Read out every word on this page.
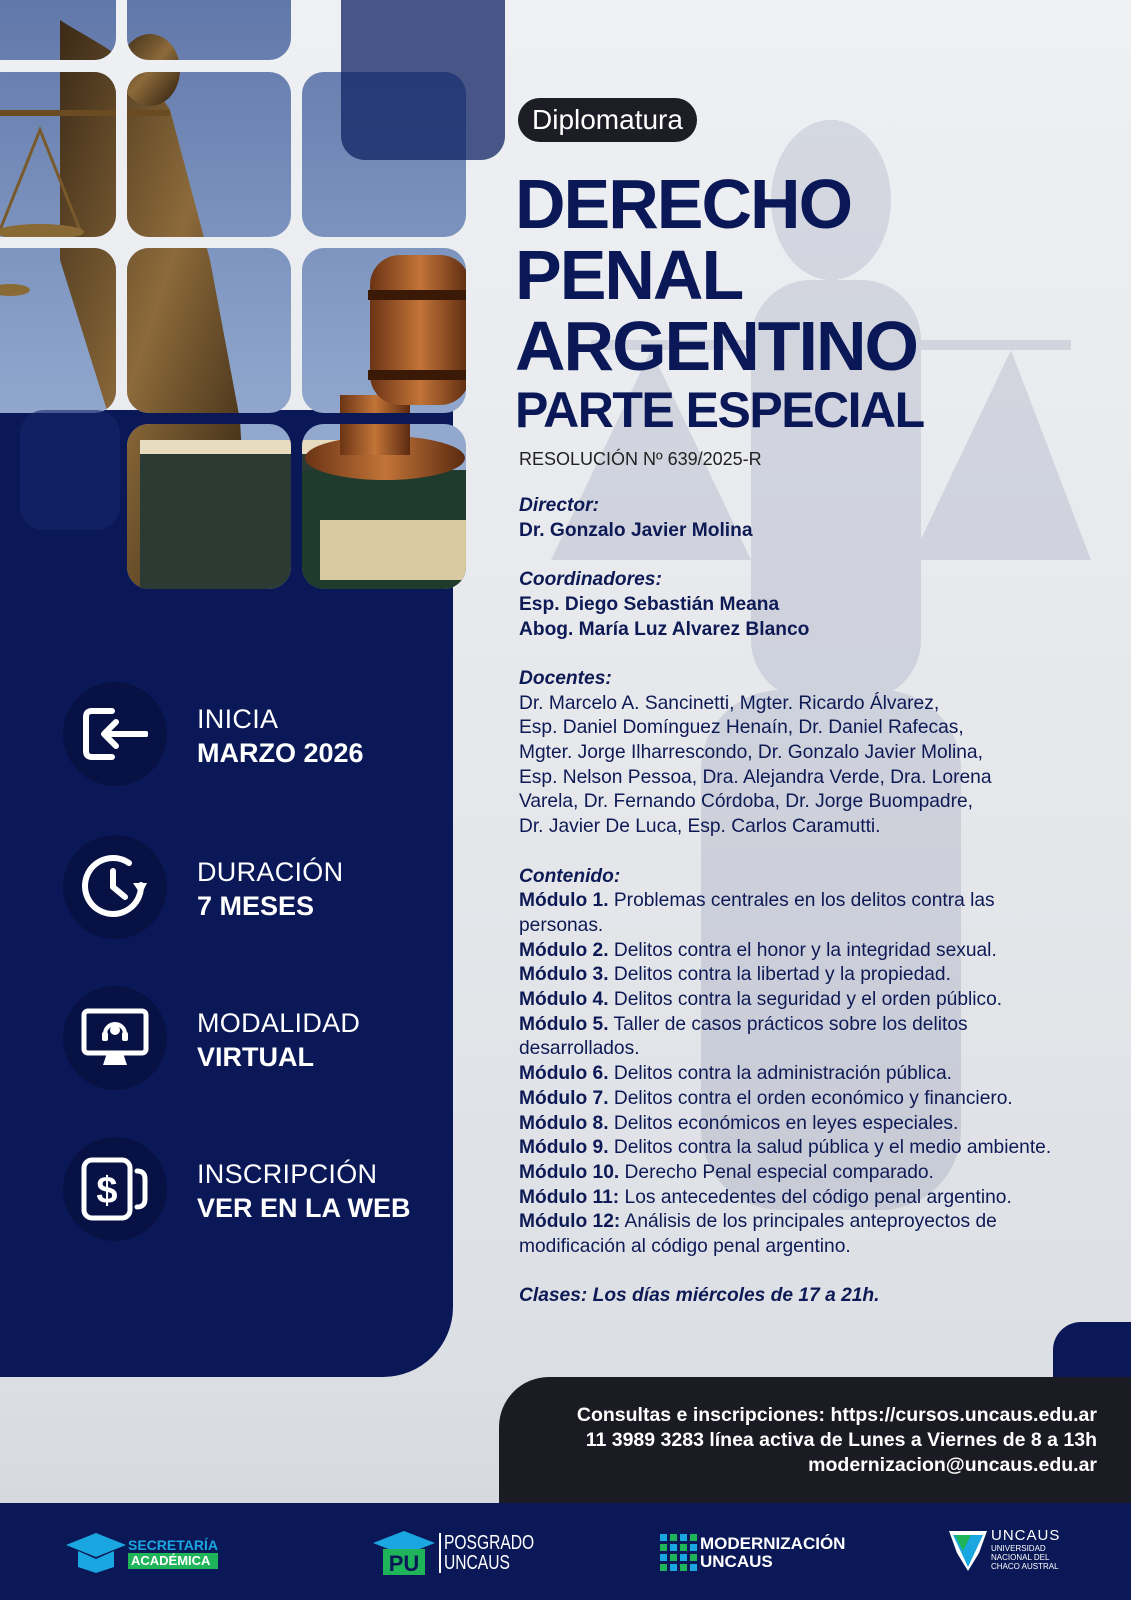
INICIA
MARZO 2026
DURACIÓN
7 MESES
MODALIDAD
VIRTUAL
$	INSCRIPCIÓN
VER EN LA WEB
Diplomatura
DERECHO
PENAL
ARGENTINO
PARTE ESPECIAL
RESOLUCIÓN Nº 639/2025-R
Director:
Dr. Gonzalo Javier Molina
Coordinadores:
Esp. Diego Sebastián Meana
Abog. María Luz Alvarez Blanco
Docentes:
Dr. Marcelo A. Sancinetti, Mgter. Ricardo Álvarez,
Esp. Daniel Domínguez Henaín, Dr. Daniel Rafecas,
Mgter. Jorge Ilharrescondo, Dr. Gonzalo Javier Molina,
Esp. Nelson Pessoa, Dra. Alejandra Verde, Dra. Lorena
Varela, Dr. Fernando Córdoba, Dr. Jorge Buompadre,
Dr. Javier De Luca, Esp. Carlos Caramutti.
Contenido:
Módulo 1. Problemas centrales en los delitos contra las personas.
Módulo 2. Delitos contra el honor y la integridad sexual.
Módulo 3. Delitos contra la libertad y la propiedad.
Módulo 4. Delitos contra la seguridad y el orden público.
Módulo 5. Taller de casos prácticos sobre los delitos desarrollados.
Módulo 6. Delitos contra la administración pública.
Módulo 7. Delitos contra el orden económico y financiero.
Módulo 8. Delitos económicos en leyes especiales.
Módulo 9. Delitos contra la salud pública y el medio ambiente.
Módulo 10. Derecho Penal especial comparado.
Módulo 11: Los antecedentes del código penal argentino.
Módulo 12: Análisis de los principales anteproyectos de modificación al código penal argentino.
Clases: Los días miércoles de 17 a 21h.
Consultas e inscripciones: https://cursos.uncaus.edu.ar
11 3989 3283 línea activa de Lunes a Viernes de 8 a 13h
modernizacion@uncaus.edu.ar
SECRETARÍA
ACADÉMICA	PU
POSGRADO
UNCAUS
MODERNIZACIÓN
UNCAUS
UNCAUS
UNIVERSIDAD
NACIONAL DEL
CHACO AUSTRAL
